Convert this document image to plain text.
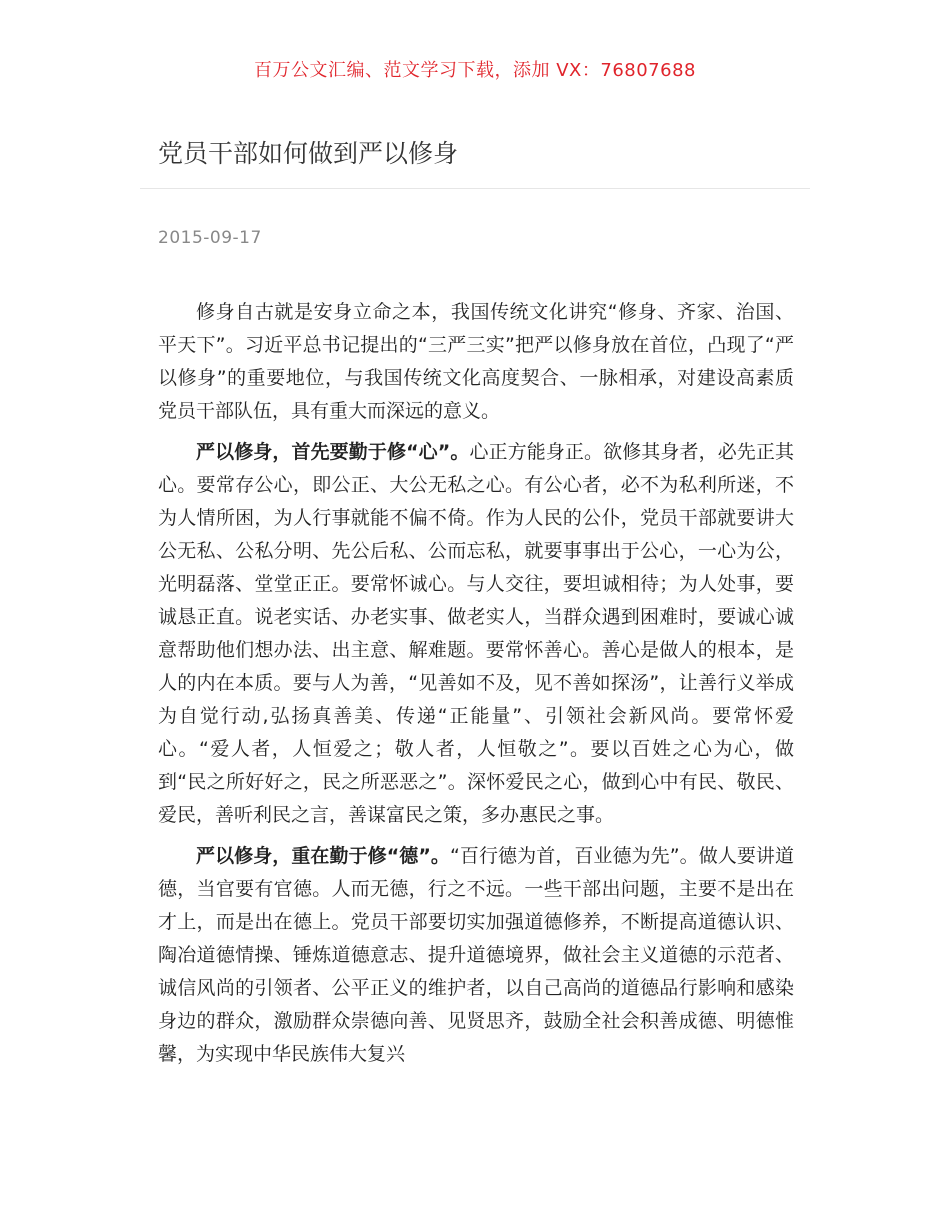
百万公文汇编、范文学习下载，添加 VX：76807688
党员干部如何做到严以修身
2015-09-17

修身自古就是安身立命之本，我国传统文化讲究“修身、齐家、治国、平天下”。习近平总书记提出的“三严三实”把严以修身放在首位，凸现了“严以修身”的重要地位，与我国传统文化高度契合、一脉相承，对建设高素质党员干部队伍，具有重大而深远的意义。

严以修身，首先要勤于修“心”。心正方能身正。欲修其身者，必先正其心。要常存公心，即公正、大公无私之心。有公心者，必不为私利所迷，不为人情所困，为人行事就能不偏不倚。作为人民的公仆，党员干部就要讲大公无私、公私分明、先公后私、公而忘私，就要事事出于公心，一心为公，光明磊落、堂堂正正。要常怀诚心。与人交往，要坦诚相待；为人处事，要诚恳正直。说老实话、办老实事、做老实人，当群众遇到困难时，要诚心诚意帮助他们想办法、出主意、解难题。要常怀善心。善心是做人的根本，是人的内在本质。要与人为善，“见善如不及，见不善如探汤”，让善行义举成为自觉行动,弘扬真善美、传递“正能量”、引领社会新风尚。要常怀爱心。“爱人者，人恒爱之；敬人者，人恒敬之”。要以百姓之心为心，做到“民之所好好之，民之所恶恶之”。深怀爱民之心，做到心中有民、敬民、爱民，善听利民之言，善谋富民之策，多办惠民之事。

严以修身，重在勤于修“德”。“百行德为首，百业德为先”。做人要讲道德，当官要有官德。人而无德，行之不远。一些干部出问题，主要不是出在才上，而是出在德上。党员干部要切实加强道德修养，不断提高道德认识、陶冶道德情操、锤炼道德意志、提升道德境界，做社会主义道德的示范者、诚信风尚的引领者、公平正义的维护者，以自己高尚的道德品行影响和感染身边的群众，激励群众崇德向善、见贤思齐，鼓励全社会积善成德、明德惟馨，为实现中华民族伟大复兴
